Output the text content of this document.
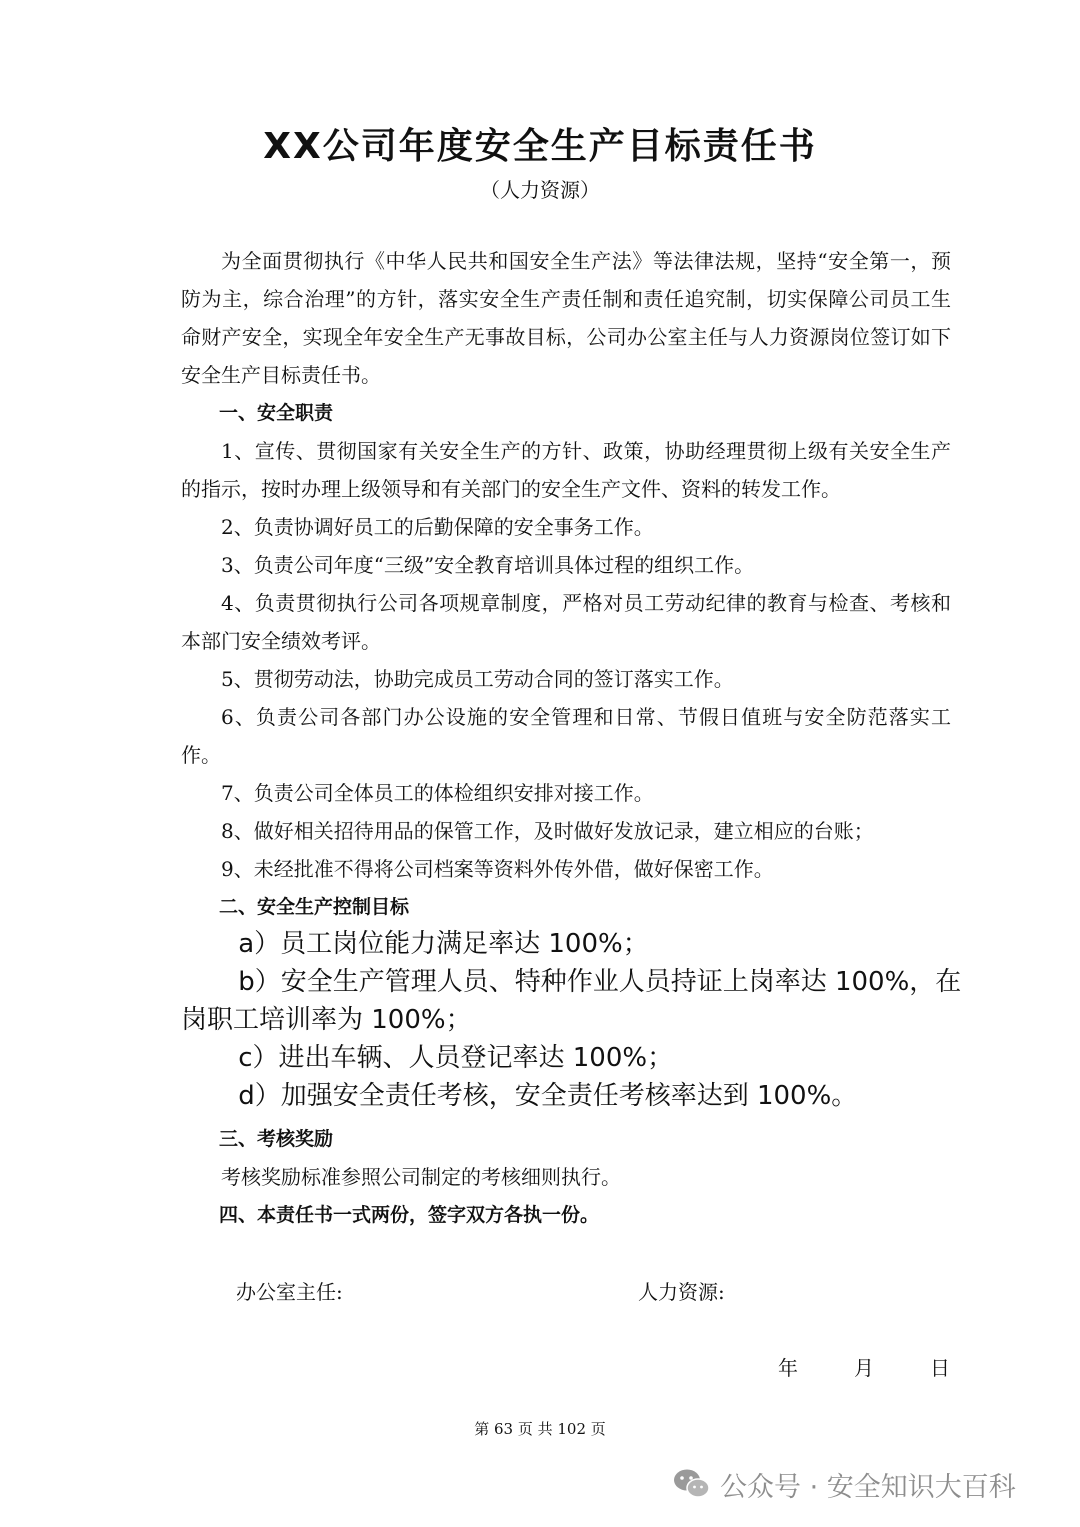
XX公司年度安全生产目标责任书
（人力资源）

为全面贯彻执行《中华人民共和国安全生产法》等法律法规，坚持“安全第一，预防为主，综合治理”的方针，落实安全生产责任制和责任追究制，切实保障公司员工生命财产安全，实现全年安全生产无事故目标，公司办公室主任与人力资源岗位签订如下安全生产目标责任书。

一、安全职责

1、宣传、贯彻国家有关安全生产的方针、政策，协助经理贯彻上级有关安全生产的指示，按时办理上级领导和有关部门的安全生产文件、资料的转发工作。

2、负责协调好员工的后勤保障的安全事务工作。

3、负责公司年度“三级”安全教育培训具体过程的组织工作。

4、负责贯彻执行公司各项规章制度，严格对员工劳动纪律的教育与检查、考核和本部门安全绩效考评。

5、贯彻劳动法，协助完成员工劳动合同的签订落实工作。

6、负责公司各部门办公设施的安全管理和日常、节假日值班与安全防范落实工作。

7、负责公司全体员工的体检组织安排对接工作。

8、做好相关招待用品的保管工作，及时做好发放记录，建立相应的台账；

9、未经批准不得将公司档案等资料外传外借，做好保密工作。

二、安全生产控制目标

a）员工岗位能力满足率达 100%；

b）安全生产管理人员、特种作业人员持证上岗率达 100%，在岗职工培训率为 100%；

c）进出车辆、人员登记率达 100%；

d）加强安全责任考核，安全责任考核率达到 100%。

三、考核奖励

考核奖励标准参照公司制定的考核细则执行。

四、本责任书一式两份，签字双方各执一份。

办公室主任:	人力资源:
年	月	日
第 63 页 共 102 页
公众号 · 安全知识大百科
